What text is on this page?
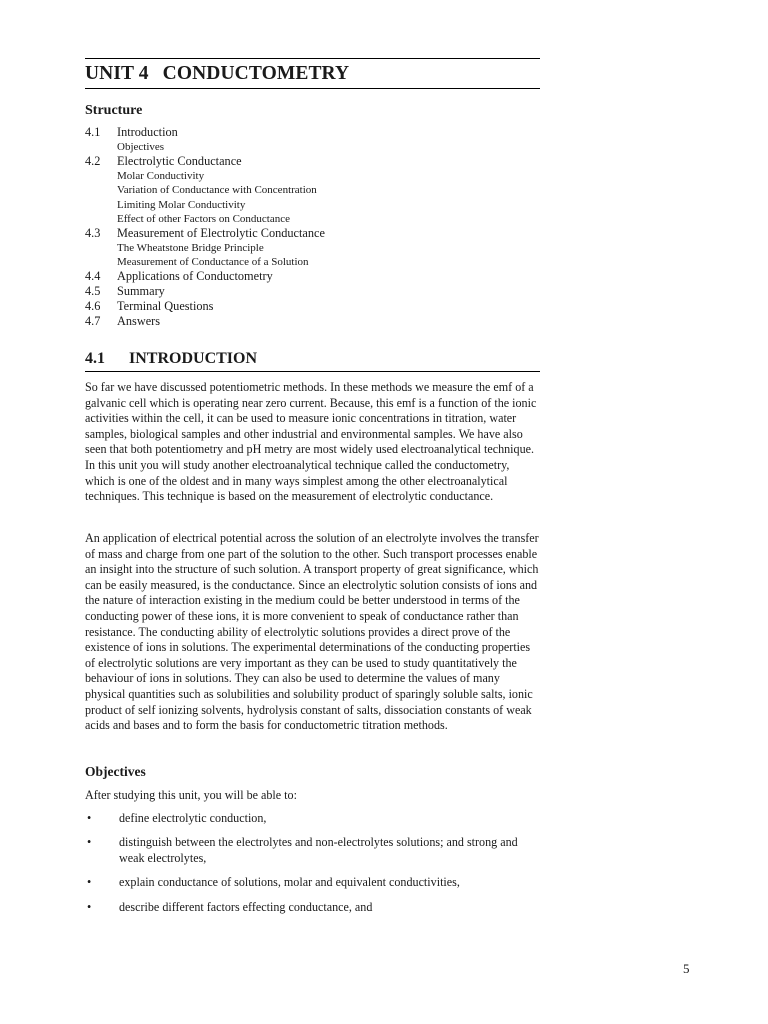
UNIT 4 CONDUCTOMETRY
Structure
4.1	Introduction
Objectives
4.2	Electrolytic Conductance
Molar Conductivity
Variation of Conductance with Concentration
Limiting Molar Conductivity
Effect of other Factors on Conductance
4.3	Measurement of Electrolytic Conductance
The Wheatstone Bridge Principle
Measurement of Conductance of a Solution
4.4	Applications of Conductometry
4.5	Summary
4.6	Terminal Questions
4.7	Answers
4.1 INTRODUCTION
So far we have discussed potentiometric methods. In these methods we measure the emf of a galvanic cell which is operating near zero current. Because, this emf is a function of the ionic activities within the cell, it can be used to measure ionic concentrations in titration, water samples, biological samples and other industrial and environmental samples. We have also seen that both potentiometry and pH metry are most widely used electroanalytical technique. In this unit you will study another electroanalytical technique called the conductometry, which is one of the oldest and in many ways simplest among the other electroanalytical techniques. This technique is based on the measurement of electrolytic conductance.
An application of electrical potential across the solution of an electrolyte involves the transfer of mass and charge from one part of the solution to the other. Such transport processes enable an insight into the structure of such solution. A transport property of great significance, which can be easily measured, is the conductance. Since an electrolytic solution consists of ions and the nature of interaction existing in the medium could be better understood in terms of the conducting power of these ions, it is more convenient to speak of conductance rather than resistance. The conducting ability of electrolytic solutions provides a direct prove of the existence of ions in solutions. The experimental determinations of the conducting properties of electrolytic solutions are very important as they can be used to study quantitatively the behaviour of ions in solutions. They can also be used to determine the values of many physical quantities such as solubilities and solubility product of sparingly soluble salts, ionic product of self ionizing solvents, hydrolysis constant of salts, dissociation constants of weak acids and bases and to form the basis for conductometric titration methods.
Objectives
After studying this unit, you will be able to:
•	define electrolytic conduction,
•	distinguish between the electrolytes and non-electrolytes solutions; and strong and weak electrolytes,
•	explain conductance of solutions, molar and equivalent conductivities,
•	describe different factors effecting conductance, and
5
